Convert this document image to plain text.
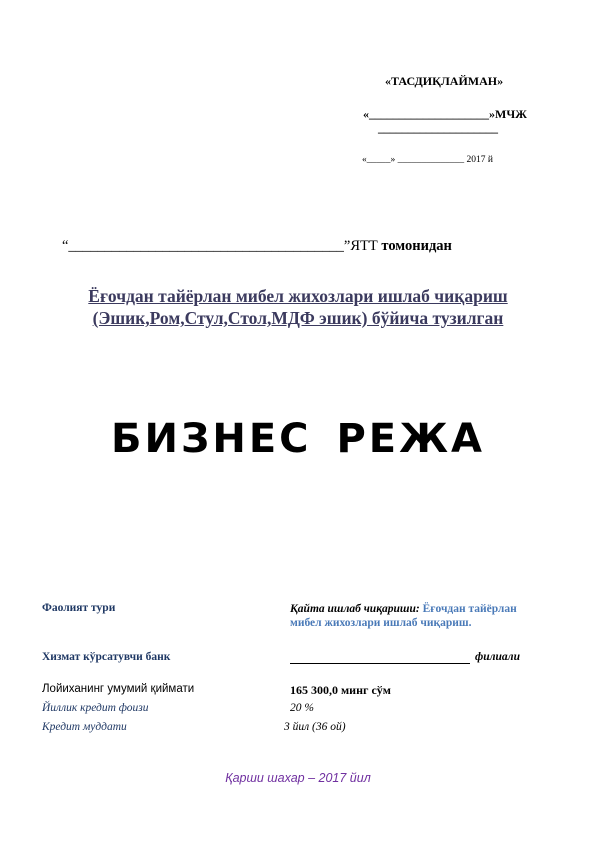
«ТАСДИҚЛАЙМАН»
«____________________»МЧЖ
____________________
«_____» ______________ 2017 й
“______________________________________”ЯТТ томонидан
Ёғочдан тайёрлан мибел жихозлари ишлаб чиқариш (Эшик,Ром,Стул,Стол,МДФ эшик) бўйича тузилган
БИЗНЕС РЕЖА
Фаолият тури	Қайта ишлаб чиқариши: Ёғочдан тайёрлан мибел жихозлари ишлаб чиқариш.
Хизмат кўрсатувчи банк	филиали
Лойиханинг умумий қиймати	165 300,0 минг сўм
Йиллик кредит фоизи	20 %
Кредит муддати	3 йил (36 ой)
Қарши шахар – 2017 йил
